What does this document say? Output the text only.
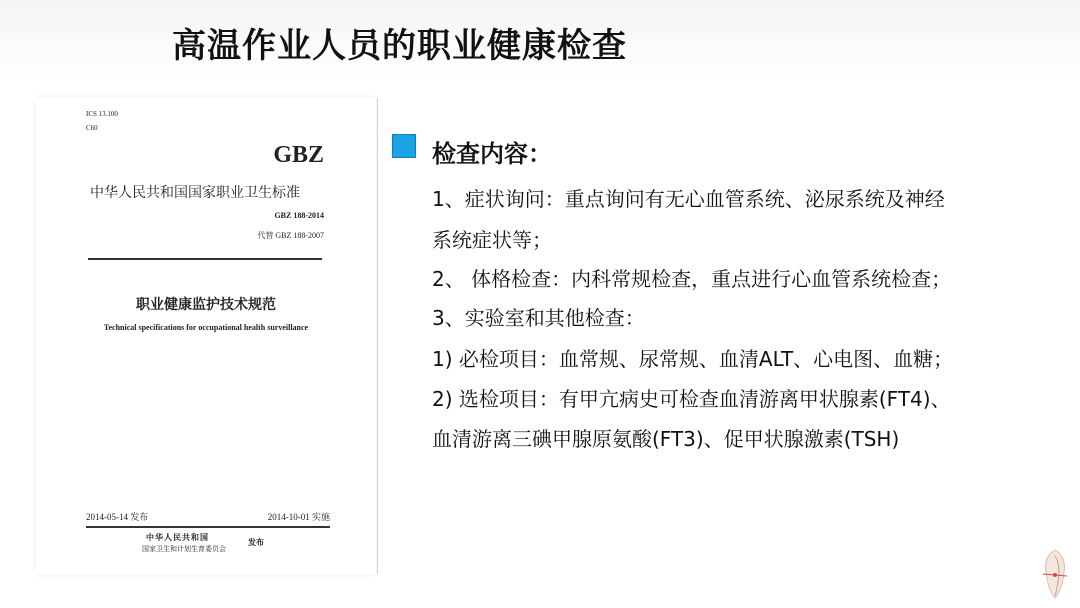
高温作业人员的职业健康检查
ICS 13.100
C60
GBZ
中华人民共和国国家职业卫生标准
GBZ 188-2014
代替 GBZ 188-2007
职业健康监护技术规范
Technical specifications for occupational health surveillance
2014-05-14 发布	2014-10-01 实施
中华人民共和国
国家卫生和计划生育委员会
发布
检查内容：
1、症状询问：重点询问有无心血管系统、泌尿系统及神经
系统症状等；
2、 体格检查：内科常规检查，重点进行心血管系统检查；
3、实验室和其他检查：
1) 必检项目：血常规、尿常规、血清ALT、心电图、血糖；
2) 选检项目：有甲亢病史可检查血清游离甲状腺素(FT4)、
血清游离三碘甲腺原氨酸(FT3)、促甲状腺激素(TSH)
